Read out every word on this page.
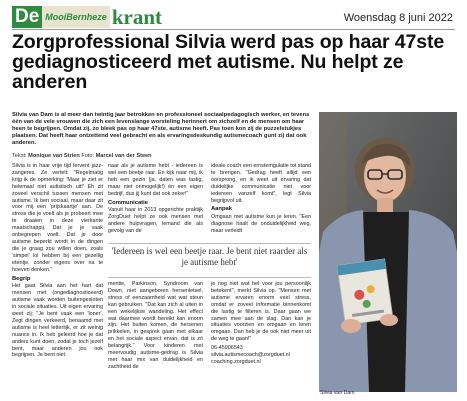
De MooiBernheze krant	Woensdag 8 juni 2022
Zorgprofessional Silvia werd pas op haar 47ste gediagnosticeerd met autisme. Nu helpt ze anderen

Silvia van Dam is al meer dan twintig jaar betrokken en professioneel sociaalpedagogisch werker, en tevens één van de vele vrouwen die zich een levenslange worsteling herinnert om zichzelf en de mensen om haar heen te begrijpen. Omdat zij, zo bleek pas op haar 47ste, autisme heeft. Pas toen kon zij de puzzelstukjes plaatsen. Dat heeft haar ontzettend veel gebracht en als ervaringsdeskundig autismecoach gunt zij dat ook anderen.

Tekst: Monique van Strien Foto: Marcel van der Steen

Silvia is in haar vrije tijd fervent jazz-zangeres. Ze vertelt: "Regelmatig krijg ik de opmerking: 'Maar je ziet er helemaal niet autistisch uit!' Eh zit zoveel verschil tussen mensen met autisme. Ik ben sociaal, maar daar zit voor mij een 'prijskaartje' aan. De stress die je voelt als je probeert mee te draaien in deze vierkante maatschappij. Dat je je vaak onbegrepen voelt. Dat je door autisme beperkt wordt in de dingen die je graag zou willen doen, zoals 'simpel' lol hebben bij een gezellig etentje, zonder eigens over na te hoeven denken."

Begrip

Het gaat Silvia aan het hart dat mensen met (ongediagnosticeerd) autisme vaak worden buitengesloten in sociale situaties. Uit eigen ervaring weet zij: "Je bent vaak een 'loner'. Zegt dingen verkeerd, benaamd met autisme is heel letterlijk, er zit weinig nuance in. Ik heb geleerd hoe je dat anders kunt doen, zodat je toch jezelf bent, maar anderen jou ook begrijpen. Je bent niet

naar als je autisme hebt - iedereen is wel een beetje raar. En kijk naar mij, ik heb een gezin (ja, daten was lastig, maar niet onmogelijk!) én een eigen bedrijf, dus jij kunt dat ook zeker!"

Communicatie

Vanuit haar in 2013 opgerichte praktijk ZorgDuet helpt ze ook mensen met andere hulpvragen, lemand die als gevolg van de

ideale coach een ernstemgulatie tot stand te brengen. "Gedrag heeft altijd een oorsprong, en ik weet uit ervaring dat duidelijke communicatie niet voor iedereen vanzelf komt", legt Silvia begrijpvol uit.

Aanpak

Omgaan met autisme kun je leren. "Een diagnose haalt de onduidelijkheid weg, maar verleidt

'Iedereen is wel een beetje raar. Je bent niet raarder als je autisme hebt'

mentie, Parkinson, Syndroom van Down, niet aangeboren hersenletsel, stress of eenzaamheid wat wat steun kan gebruiken. "Dat kan zich al uiten in een wekelijkse wandeling. Het effect wat daarmee wordt bereikt kan enorm zijn. Het buiten komen, de hersenen prikkelen, in gesprek gaan met elkaar en het sociale aspect ervan, dat is zó belangrijk." Voor kinderen met meervoudig autisme-gedrag is Silvia met haar mix van duidelijkheid en zachtheid de

je nog niet wat het voor jou persoonlijk betekent", merkt Silvia op. "Mensen met autisme ervaren enorm veel stress, omdat er zoveel informatie binnenkomt die lastig te filteren is. Daar gaan we samen mee aan de slag. Dan kan je situaties voorzien en omgaan en leren omgaan. Dan heb je de ook niet meer uit de weg te gaan!"

06-45906543
silvia.autismecoach@zorgduet.nl
coaching.zorgduet.nl
Silvia van Dam
